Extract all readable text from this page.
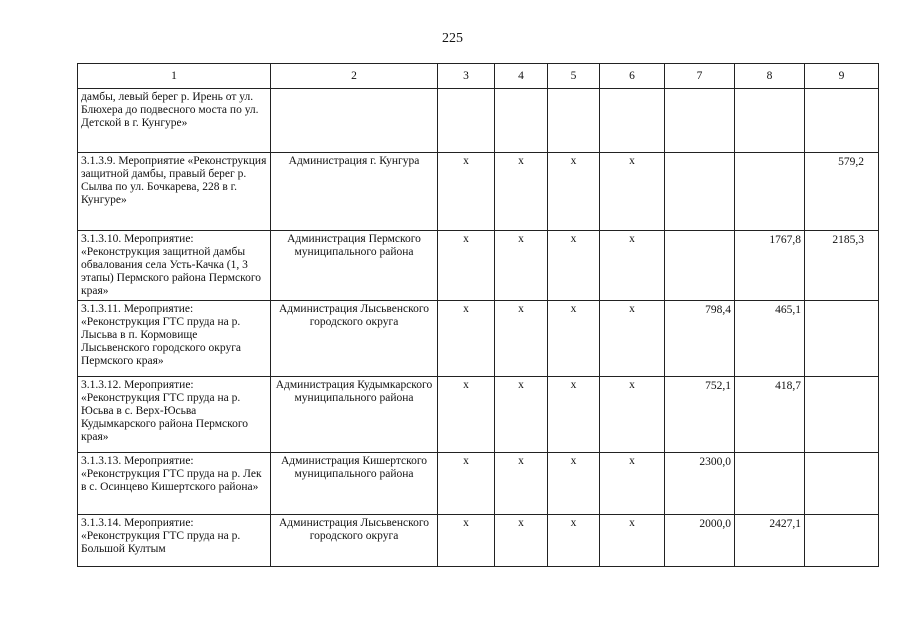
225
1	2	3	4	5	6	7	8	9
дамбы, левый берег р. Ирень от ул. Блюхера до подвесного моста по ул. Детской в г. Кунгуре»								
3.1.3.9. Мероприятие «Реконструкция защитной дамбы, правый берег р. Сылва по ул. Бочкарева, 228 в г. Кунгуре»	Администрация г. Кунгура	х	х	х	х			579,2
3.1.3.10. Мероприятие: «Реконструкция защитной дамбы обвалования села Усть-Качка (1, 3 этапы) Пермского района Пермского края»	Администрация Пермского муниципального района	х	х	х	х		1767,8	2185,3
3.1.3.11. Мероприятие: «Реконструкция ГТС пруда на р. Лысьва в п. Кормовище Лысьвенского городского округа Пермского края»	Администрация Лысьвенского городского округа	х	х	х	х	798,4	465,1	
3.1.3.12. Мероприятие: «Реконструкция ГТС пруда на р. Юсьва в с. Верх-Юсьва Кудымкарского района Пермского края»	Администрация Кудымкарского муниципального района	х	х	х	х	752,1	418,7	
3.1.3.13. Мероприятие: «Реконструкция ГТС пруда на р. Лек в с. Осинцево Кишертского района»	Администрация Кишертского муниципального района	х	х	х	х	2300,0		
3.1.3.14. Мероприятие: «Реконструкция ГТС пруда на р. Большой Култым	Администрация Лысьвенского городского округа	х	х	х	х	2000,0	2427,1	
